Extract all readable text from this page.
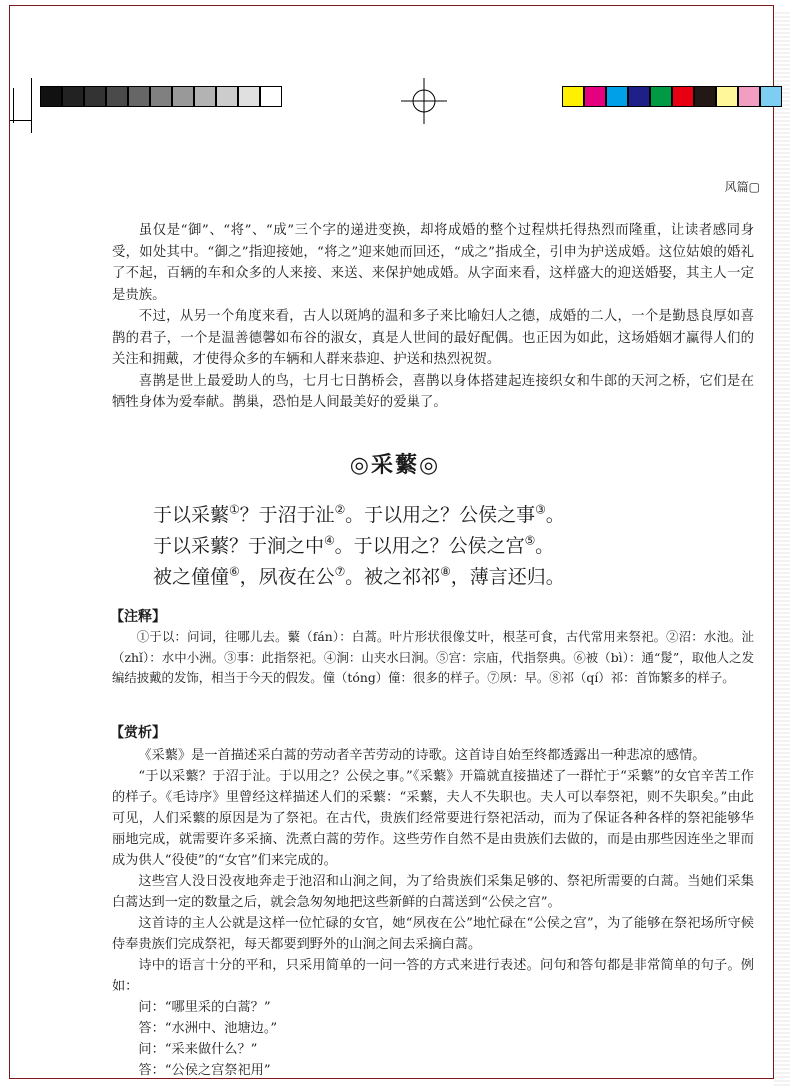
风篇▢

虽仅是“御”、“将”、“成”三个字的递进变换，却将成婚的整个过程烘托得热烈而隆重，让读者感同身受，如处其中。“御之”指迎接她，“将之”迎来她而回还，“成之”指成全，引申为护送成婚。这位姑娘的婚礼了不起，百辆的车和众多的人来接、来送、来保护她成婚。从字面来看，这样盛大的迎送婚娶，其主人一定是贵族。

不过，从另一个角度来看，古人以斑鸠的温和多子来比喻妇人之德，成婚的二人，一个是勤恳良厚如喜鹊的君子，一个是温善德馨如布谷的淑女，真是人世间的最好配偶。也正因为如此，这场婚姻才赢得人们的关注和拥戴，才使得众多的车辆和人群来恭迎、护送和热烈祝贺。

喜鹊是世上最爱助人的鸟，七月七日鹊桥会，喜鹊以身体搭建起连接织女和牛郎的天河之桥，它们是在牺牲身体为爱奉献。鹊巢，恐怕是人间最美好的爱巢了。

◎采蘩◎
于以采蘩①？于沼于沚②。于以用之？公侯之事③。
于以采蘩？于涧之中④。于以用之？公侯之宫⑤。
被之僮僮⑥，夙夜在公⑦。被之祁祁⑧，薄言还归。
【注释】

①于以：问词，往哪儿去。蘩（fán）：白蒿。叶片形状很像艾叶，根茎可食，古代常用来祭祀。②沼：水池。沚（zhǐ）：水中小洲。③事：此指祭祀。④涧：山夹水曰涧。⑤宫：宗庙，代指祭典。⑥被（bì）：通“髲”，取他人之发编结披戴的发饰，相当于今天的假发。僮（tóng）僮：很多的样子。⑦夙：早。⑧祁（qí）祁：首饰繁多的样子。

【赏析】

《采蘩》是一首描述采白蒿的劳动者辛苦劳动的诗歌。这首诗自始至终都透露出一种悲凉的感情。

“于以采蘩？于沼于沚。于以用之？公侯之事。”《采蘩》开篇就直接描述了一群忙于“采蘩”的女官辛苦工作的样子。《毛诗序》里曾经这样描述人们的采蘩：“采蘩，夫人不失职也。夫人可以奉祭祀，则不失职矣。”由此可见，人们采蘩的原因是为了祭祀。在古代，贵族们经常要进行祭祀活动，而为了保证各种各样的祭祀能够华丽地完成，就需要许多采摘、洗煮白蒿的劳作。这些劳作自然不是由贵族们去做的，而是由那些因连坐之罪而成为供人“役使”的“女官”们来完成的。

这些宫人没日没夜地奔走于池沼和山涧之间，为了给贵族们采集足够的、祭祀所需要的白蒿。当她们采集白蒿达到一定的数量之后，就会急匆匆地把这些新鲜的白蒿送到“公侯之宫”。

这首诗的主人公就是这样一位忙碌的女官，她“夙夜在公”地忙碌在“公侯之宫”，为了能够在祭祀场所守候侍奉贵族们完成祭祀，每天都要到野外的山涧之间去采摘白蒿。

诗中的语言十分的平和，只采用简单的一问一答的方式来进行表述。问句和答句都是非常简单的句子。例如：

问：“哪里采的白蒿？”

答：“水洲中、池塘边。”

问：“采来做什么？”

答：“公侯之宫祭祀用”
